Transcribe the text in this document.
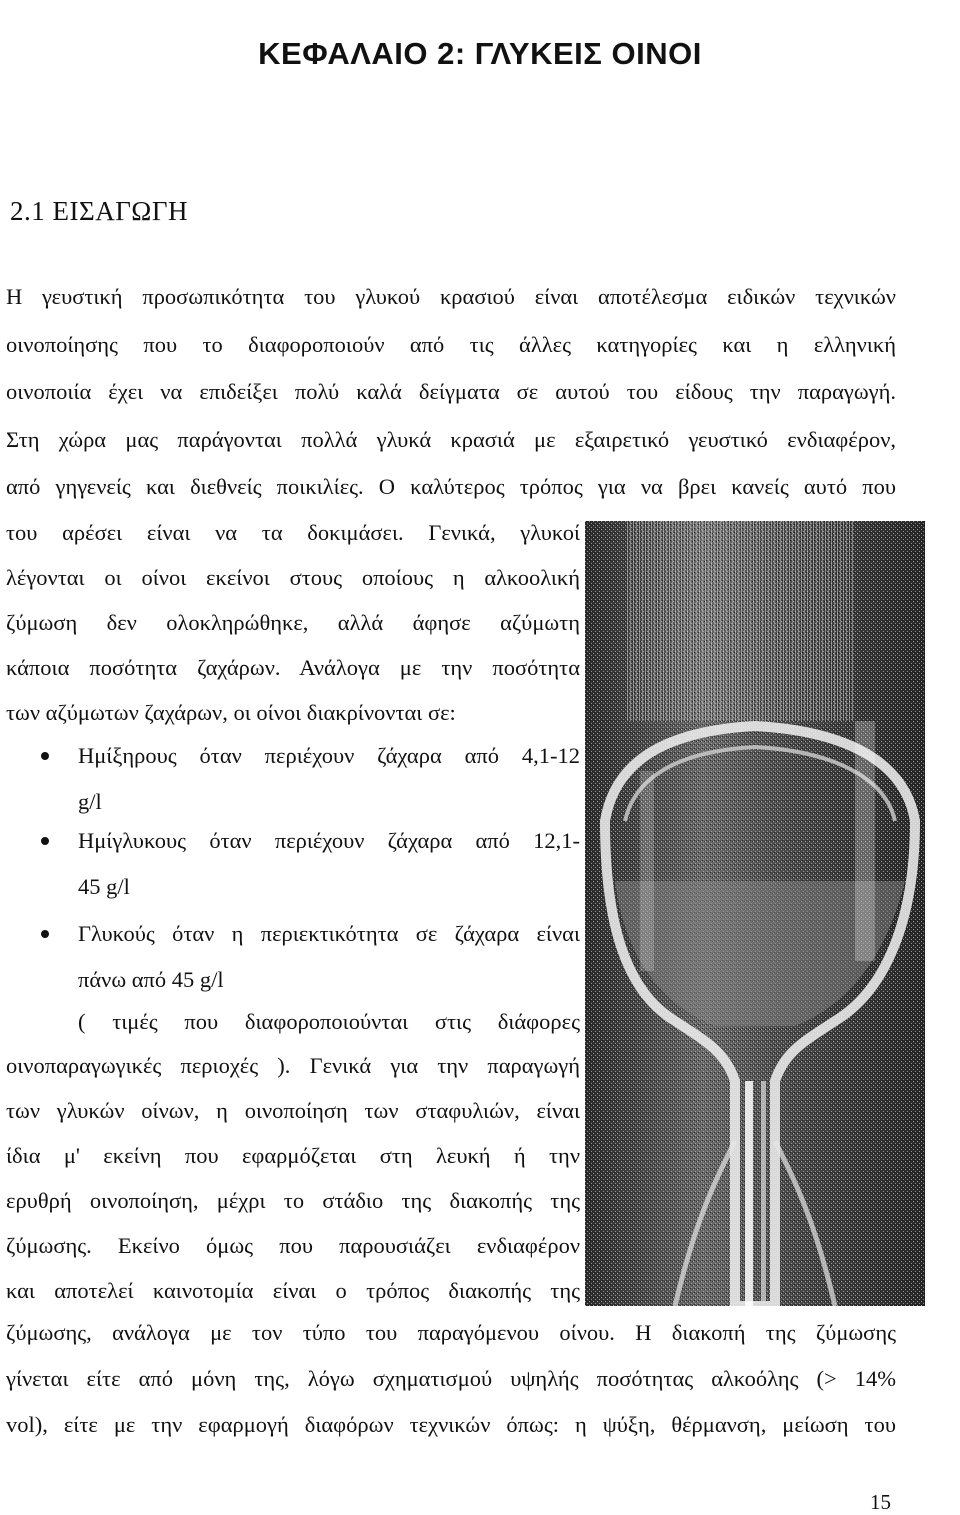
ΚΕΦΑΛΑΙΟ 2: ΓΛΥΚΕΙΣ ΟΙΝΟΙ
2.1 ΕΙΣΑΓΩΓΗ
Η γευστική προσωπικότητα του γλυκού κρασιού είναι αποτέλεσμα ειδικών τεχνικών
οινοποίησης που το διαφοροποιούν από τις άλλες κατηγορίες και η ελληνική
οινοποιία έχει να επιδείξει πολύ καλά δείγματα σε αυτού του είδους την παραγωγή.
Στη χώρα μας παράγονται πολλά γλυκά κρασιά με εξαιρετικό γευστικό ενδιαφέρον,
από γηγενείς και διεθνείς ποικιλίες. Ο καλύτερος τρόπος για να βρει κανείς αυτό που
του αρέσει είναι να τα δοκιμάσει. Γενικά, γλυκοί
λέγονται οι οίνοι εκείνοι στους οποίους η αλκοολική
ζύμωση δεν ολοκληρώθηκε, αλλά άφησε αζύμωτη
κάποια ποσότητα ζαχάρων. Ανάλογα με την ποσότητα
των αζύμωτων ζαχάρων, οι οίνοι διακρίνονται σε:
Ημίξηρους όταν περιέχουν ζάχαρα από 4,1-12
g/l
Ημίγλυκους όταν περιέχουν ζάχαρα από 12,1-
45 g/l
Γλυκούς όταν η περιεκτικότητα σε ζάχαρα είναι
πάνω από 45 g/l
( τιμές που διαφοροποιούνται στις διάφορες
οινοπαραγωγικές περιοχές ). Γενικά για την παραγωγή
των γλυκών οίνων, η οινοποίηση των σταφυλιών, είναι
ίδια μ' εκείνη που εφαρμόζεται στη λευκή ή την
ερυθρή οινοποίηση, μέχρι το στάδιο της διακοπής της
ζύμωσης. Εκείνο όμως που παρουσιάζει ενδιαφέρον
και αποτελεί καινοτομία είναι ο τρόπος διακοπής της
ζύμωσης, ανάλογα με τον τύπο του παραγόμενου οίνου. Η διακοπή της ζύμωσης
γίνεται είτε από μόνη της, λόγω σχηματισμού υψηλής ποσότητας αλκοόλης (> 14%
vol), είτε με την εφαρμογή διαφόρων τεχνικών όπως: η ψύξη, θέρμανση, μείωση του
15
